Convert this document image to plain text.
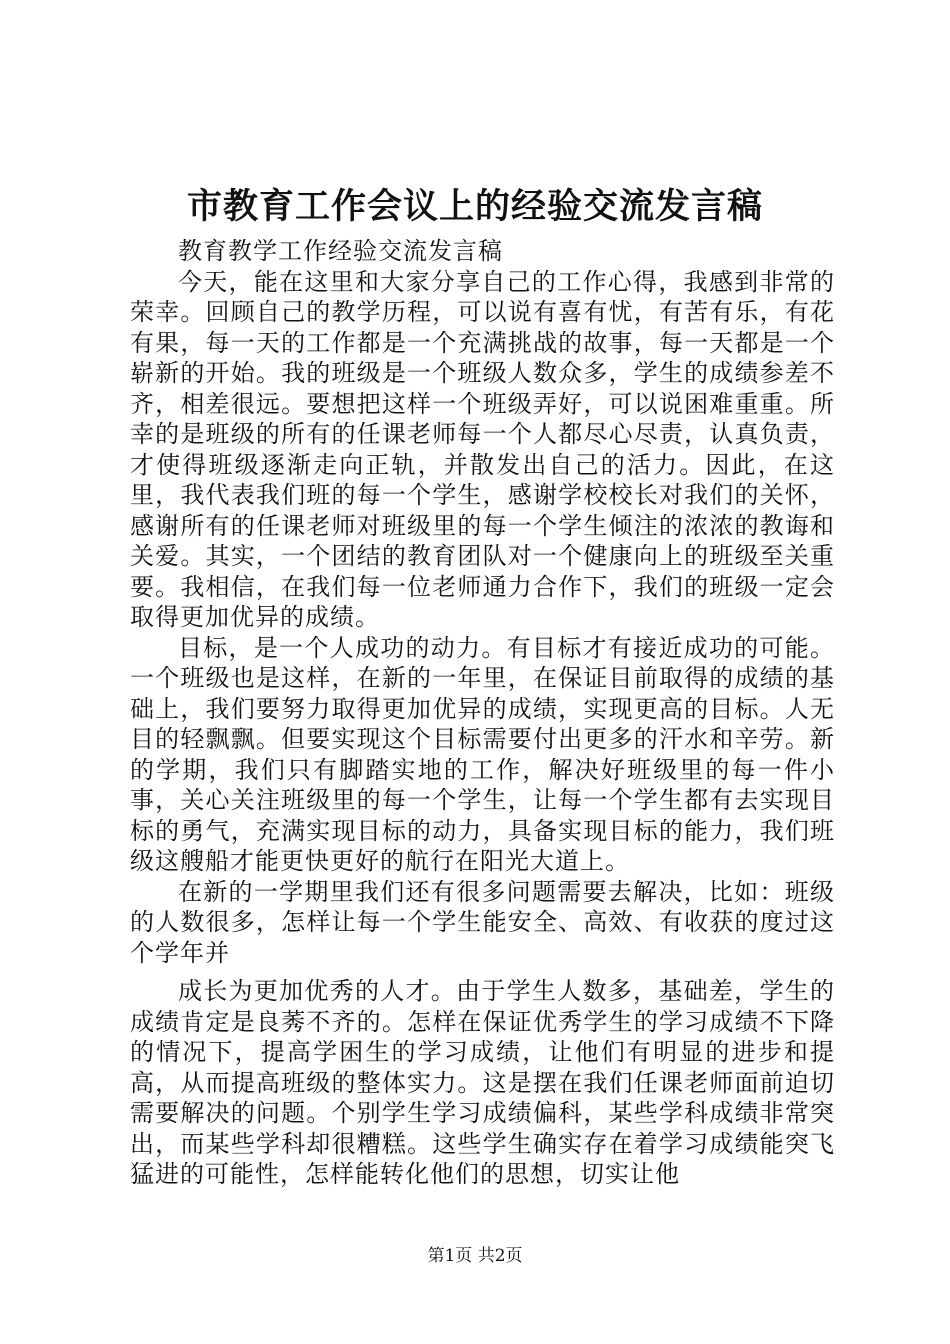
市教育工作会议上的经验交流发言稿

教育教学工作经验交流发言稿

今天，能在这里和大家分享自己的工作心得，我感到非常的荣幸。回顾自己的教学历程，可以说有喜有忧，有苦有乐，有花有果，每一天的工作都是一个充满挑战的故事，每一天都是一个崭新的开始。我的班级是一个班级人数众多，学生的成绩参差不齐，相差很远。要想把这样一个班级弄好，可以说困难重重。所幸的是班级的所有的任课老师每一个人都尽心尽责，认真负责，才使得班级逐渐走向正轨，并散发出自己的活力。因此，在这里，我代表我们班的每一个学生，感谢学校校长对我们的关怀，感谢所有的任课老师对班级里的每一个学生倾注的浓浓的教诲和关爱。其实，一个团结的教育团队对一个健康向上的班级至关重要。我相信，在我们每一位老师通力合作下，我们的班级一定会取得更加优异的成绩。

目标，是一个人成功的动力。有目标才有接近成功的可能。一个班级也是这样，在新的一年里，在保证目前取得的成绩的基础上，我们要努力取得更加优异的成绩，实现更高的目标。人无目的轻飘飘。但要实现这个目标需要付出更多的汗水和辛劳。新的学期，我们只有脚踏实地的工作，解决好班级里的每一件小事，关心关注班级里的每一个学生，让每一个学生都有去实现目标的勇气，充满实现目标的动力，具备实现目标的能力，我们班级这艘船才能更快更好的航行在阳光大道上。

在新的一学期里我们还有很多问题需要去解决，比如：班级的人数很多，怎样让每一个学生能安全、高效、有收获的度过这个学年并

成长为更加优秀的人才。由于学生人数多，基础差，学生的成绩肯定是良莠不齐的。怎样在保证优秀学生的学习成绩不下降的情况下，提高学困生的学习成绩，让他们有明显的进步和提高，从而提高班级的整体实力。这是摆在我们任课老师面前迫切需要解决的问题。个别学生学习成绩偏科，某些学科成绩非常突出，而某些学科却很糟糕。这些学生确实存在着学习成绩能突飞猛进的可能性，怎样能转化他们的思想，切实让他

第1页 共2页
